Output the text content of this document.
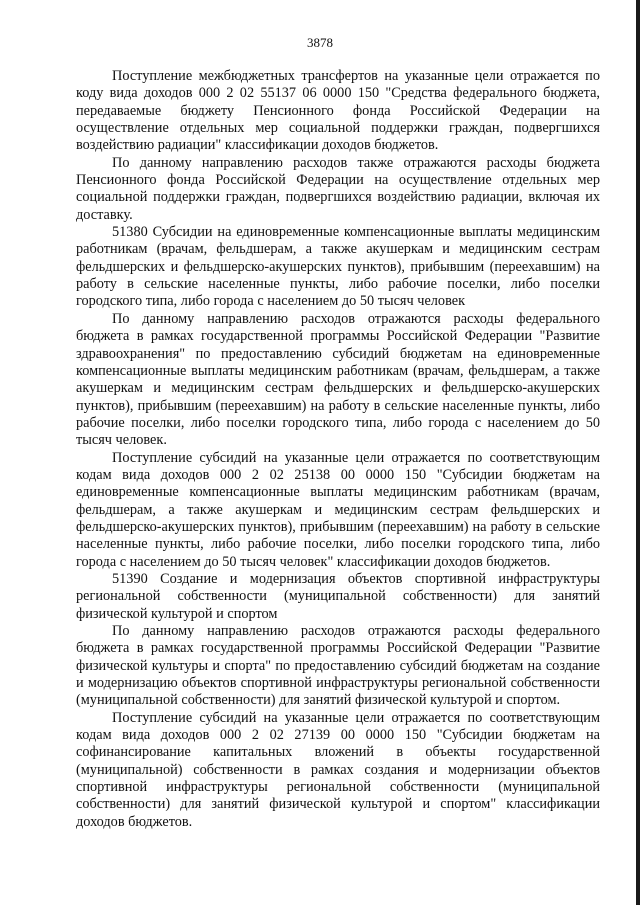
3878

Поступление межбюджетных трансфертов на указанные цели отражается по коду вида доходов 000 2 02 55137 06 0000 150 "Средства федерального бюджета, передаваемые бюджету Пенсионного фонда Российской Федерации на осуществление отдельных мер социальной поддержки граждан, подвергшихся воздействию радиации" классификации доходов бюджетов.

По данному направлению расходов также отражаются расходы бюджета Пенсионного фонда Российской Федерации на осуществление отдельных мер социальной поддержки граждан, подвергшихся воздействию радиации, включая их доставку.

51380 Субсидии на единовременные компенсационные выплаты медицинским работникам (врачам, фельдшерам, а также акушеркам и медицинским сестрам фельдшерских и фельдшерско-акушерских пунктов), прибывшим (переехавшим) на работу в сельские населенные пункты, либо рабочие поселки, либо поселки городского типа, либо города с населением до 50 тысяч человек

По данному направлению расходов отражаются расходы федерального бюджета в рамках государственной программы Российской Федерации "Развитие здравоохранения" по предоставлению субсидий бюджетам на единовременные компенсационные выплаты медицинским работникам (врачам, фельдшерам, а также акушеркам и медицинским сестрам фельдшерских и фельдшерско-акушерских пунктов), прибывшим (переехавшим) на работу в сельские населенные пункты, либо рабочие поселки, либо поселки городского типа, либо города с населением до 50 тысяч человек.

Поступление субсидий на указанные цели отражается по соответствующим кодам вида доходов 000 2 02 25138 00 0000 150 "Субсидии бюджетам на единовременные компенсационные выплаты медицинским работникам (врачам, фельдшерам, а также акушеркам и медицинским сестрам фельдшерских и фельдшерско-акушерских пунктов), прибывшим (переехавшим) на работу в сельские населенные пункты, либо рабочие поселки, либо поселки городского типа, либо города с населением до 50 тысяч человек" классификации доходов бюджетов.

51390 Создание и модернизация объектов спортивной инфраструктуры региональной собственности (муниципальной собственности) для занятий физической культурой и спортом

По данному направлению расходов отражаются расходы федерального бюджета в рамках государственной программы Российской Федерации "Развитие физической культуры и спорта" по предоставлению субсидий бюджетам на создание и модернизацию объектов спортивной инфраструктуры региональной собственности (муниципальной собственности) для занятий физической культурой и спортом.

Поступление субсидий на указанные цели отражается по соответствующим кодам вида доходов 000 2 02 27139 00 0000 150 "Субсидии бюджетам на софинансирование капитальных вложений в объекты государственной (муниципальной) собственности в рамках создания и модернизации объектов спортивной инфраструктуры региональной собственности (муниципальной собственности) для занятий физической культурой и спортом" классификации доходов бюджетов.
